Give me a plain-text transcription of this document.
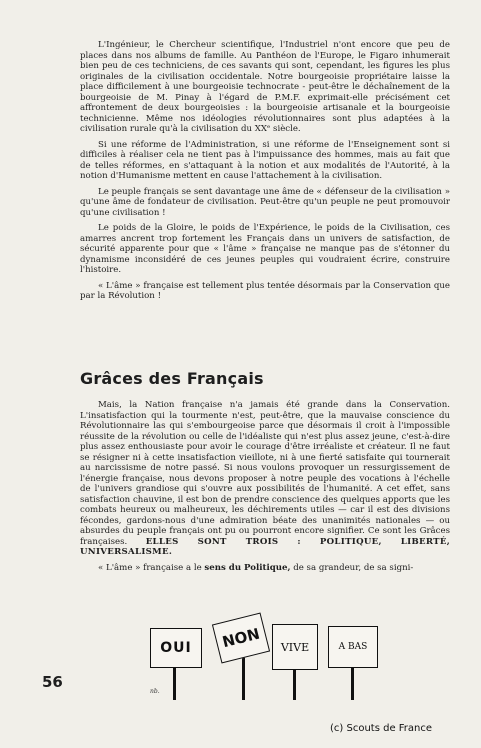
L'Ingénieur, le Chercheur scientifique, l'Industriel n'ont encore que peu de places dans nos albums de famille. Au Panthéon de l'Europe, le Figaro inhumerait bien peu de ces techniciens, de ces savants qui sont, cependant, les figures les plus originales de la civilisation occidentale. Notre bourgeoisie propriétaire laisse la place difficilement à une bourgeoisie technocrate - peut-être le déchaînement de la bourgeoisie de M. Pinay à l'égard de P.M.F. exprimait-elle précisément cet affrontement de deux bourgeoisies : la bourgeoisie artisanale et la bourgeoisie technicienne. Même nos idéologies révolutionnaires sont plus adaptées à la civilisation rurale qu'à la civilisation du XXᵉ siècle.

Si une réforme de l'Administration, si une réforme de l'Enseignement sont si difficiles à réaliser cela ne tient pas à l'impuissance des hommes, mais au fait que de telles réformes, en s'attaquant à la notion et aux modalités de l'Autorité, à la notion d'Humanisme mettent en cause l'attachement à la civilisation.

Le peuple français se sent davantage une âme de « défenseur de la civilisation » qu'une âme de fondateur de civilisation. Peut-être qu'un peuple ne peut promouvoir qu'une civilisation !

Le poids de la Gloire, le poids de l'Expérience, le poids de la Civilisation, ces amarres ancrent trop fortement les Français dans un univers de satisfaction, de sécurité apparente pour que « l'âme » française ne manque pas de s'étonner du dynamisme inconsidéré de ces jeunes peuples qui voudraient écrire, construire l'histoire.

« L'âme » française est tellement plus tentée désormais par la Conservation que par la Révolution !

Grâces des Français

Mais, la Nation française n'a jamais été grande dans la Conservation. L'insatisfaction qui la tourmente n'est, peut-être, que la mauvaise conscience du Révolutionnaire las qui s'embourgeoise parce que désormais il croit à l'impossible réussite de la révolution ou celle de l'idéaliste qui n'est plus assez jeune, c'est-à-dire plus assez enthousiaste pour avoir le courage d'être irréaliste et créateur. Il ne faut se résigner ni à cette insatisfaction vieillote, ni à une fierté satisfaite qui tournerait au narcissisme de notre passé. Si nous voulons provoquer un ressurgissement de l'énergie française, nous devons proposer à notre peuple des vocations à l'échelle de l'univers grandiose qui s'ouvre aux possibilités de l'humanité. A cet effet, sans satisfaction chauvine, il est bon de prendre conscience des quelques apports que les combats heureux ou malheureux, les déchirements utiles — car il est des divisions fécondes, gardons-nous d'une admiration béate des unanimités nationales — ou absurdes du peuple français ont pu ou pourront encore signifier. Ce sont les Grâces françaises. ELLES SONT TROIS : POLITIQUE, LIBERTÉ, UNIVERSALISME.

« L'âme » française a le sens du Politique, de sa grandeur, de sa signi-

OUI NON VIVE	A BAS
nb.
56
(c) Scouts de France
